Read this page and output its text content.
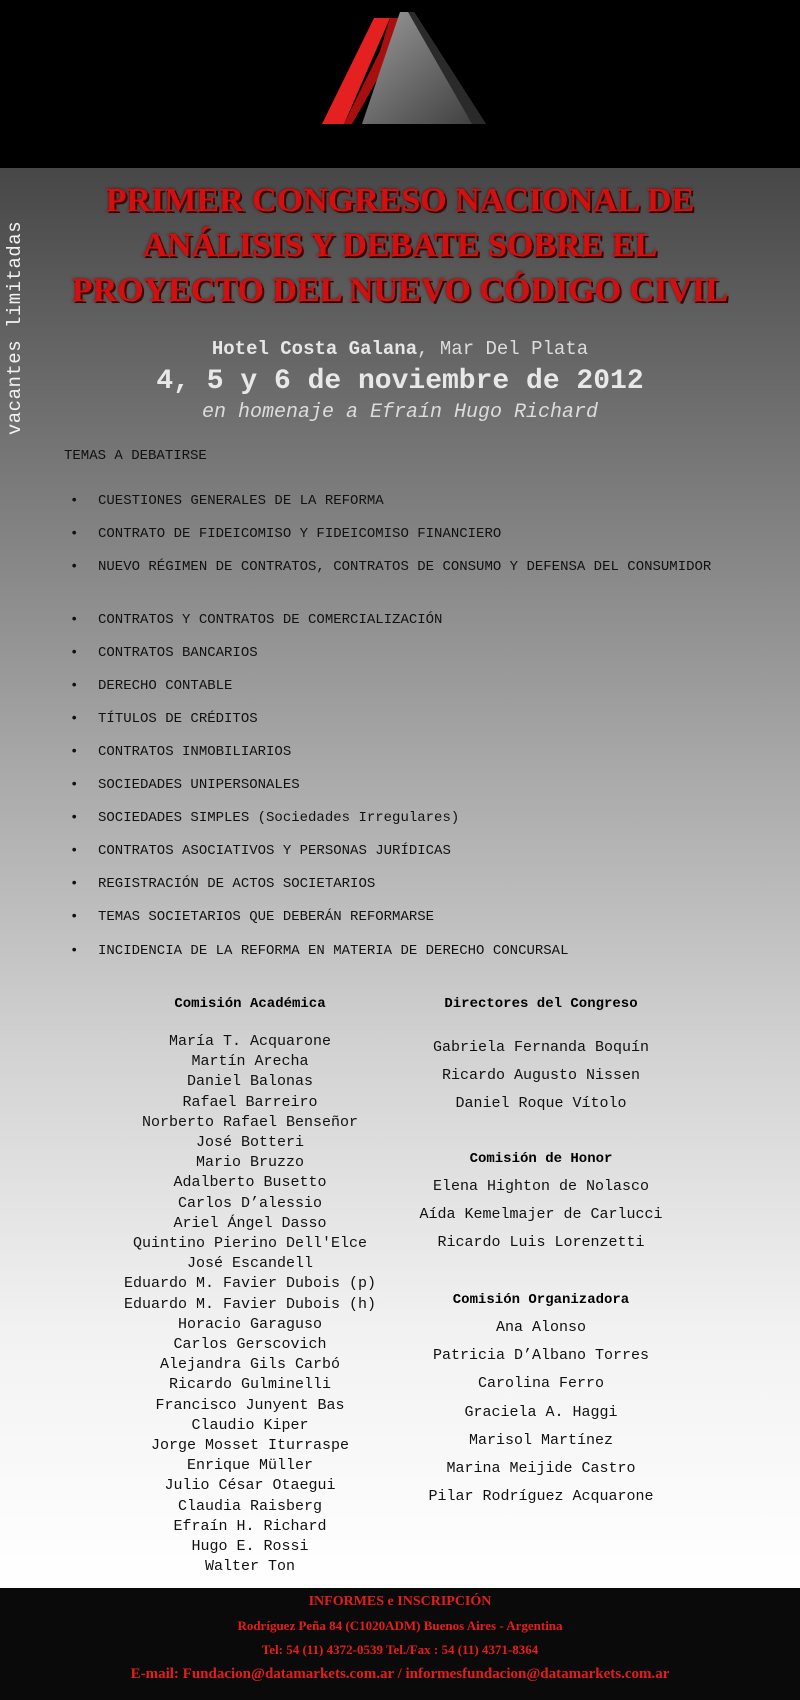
vacantes limitadas
PRIMER CONGRESO NACIONAL DE
ANÁLISIS Y DEBATE SOBRE EL
PROYECTO DEL NUEVO CÓDIGO CIVIL
Hotel Costa Galana, Mar Del Plata
4, 5 y 6 de noviembre de 2012
en homenaje a Efraín Hugo Richard
TEMAS A DEBATIRSE
• CUESTIONES GENERALES DE LA REFORMA
• CONTRATO DE FIDEICOMISO Y FIDEICOMISO FINANCIERO
• NUEVO RÉGIMEN DE CONTRATOS, CONTRATOS DE CONSUMO Y DEFENSA DEL CONSUMIDOR
• CONTRATOS Y CONTRATOS DE COMERCIALIZACIÓN
• CONTRATOS BANCARIOS
• DERECHO CONTABLE
• TÍTULOS DE CRÉDITOS
• CONTRATOS INMOBILIARIOS
• SOCIEDADES UNIPERSONALES
• SOCIEDADES SIMPLES (Sociedades Irregulares)
• CONTRATOS ASOCIATIVOS Y PERSONAS JURÍDICAS
• REGISTRACIÓN DE ACTOS SOCIETARIOS
• TEMAS SOCIETARIOS QUE DEBERÁN REFORMARSE
• INCIDENCIA DE LA REFORMA EN MATERIA DE DERECHO CONCURSAL
Comisión Académica
María T. Acquarone
Martín Arecha
Daniel Balonas
Rafael Barreiro
Norberto Rafael Benseñor
José Botteri
Mario Bruzzo
Adalberto Busetto
Carlos D’alessio
Ariel Ángel Dasso
Quintino Pierino Dell'Elce
José Escandell
Eduardo M. Favier Dubois (p)
Eduardo M. Favier Dubois (h)
Horacio Garaguso
Carlos Gerscovich
Alejandra Gils Carbó
Ricardo Gulminelli
Francisco Junyent Bas
Claudio Kiper
Jorge Mosset Iturraspe
Enrique Müller
Julio César Otaegui
Claudia Raisberg
Efraín H. Richard
Hugo E. Rossi
Walter Ton
Directores del Congreso
Gabriela Fernanda Boquín
Ricardo Augusto Nissen
Daniel Roque Vítolo
Comisión de Honor
Elena Highton de Nolasco
Aída Kemelmajer de Carlucci
Ricardo Luis Lorenzetti
Comisión Organizadora
Ana Alonso
Patricia D’Albano Torres
Carolina Ferro
Graciela A. Haggi
Marisol Martínez
Marina Meijide Castro
Pilar Rodríguez Acquarone
INFORMES e INSCRIPCIÓN
Rodríguez Peña 84 (C1020ADM) Buenos Aires - Argentina
Tel: 54 (11) 4372-0539 Tel./Fax : 54 (11) 4371-8364
E-mail: Fundacion@datamarkets.com.ar / informesfundacion@datamarkets.com.ar
